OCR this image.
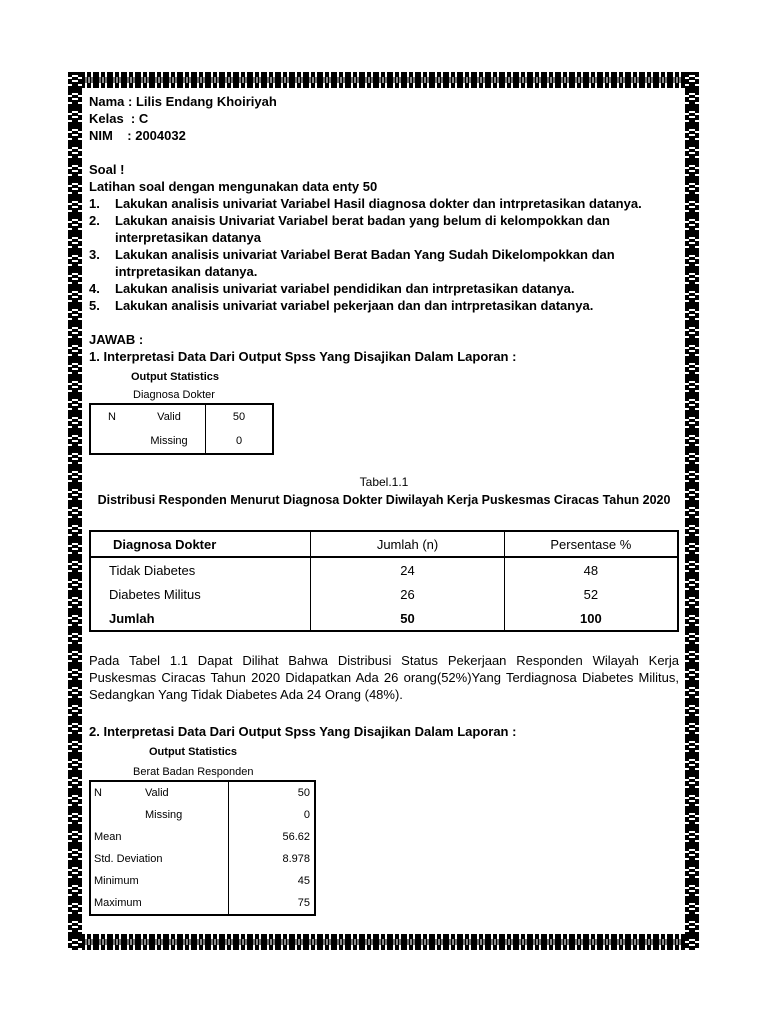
Nama : Lilis Endang Khoiriyah
Kelas  : C
NIM    : 2004032
Soal !
Latihan soal dengan mengunakan data enty 50
1.	Lakukan analisis univariat Variabel Hasil diagnosa dokter dan intrpretasikan datanya.
2.	Lakukan anaisis Univariat Variabel berat badan yang belum di kelompokkan dan interpretasikan datanya
3.	Lakukan analisis univariat Variabel Berat Badan Yang Sudah Dikelompokkan dan intrpretasikan datanya.
4.	Lakukan analisis univariat variabel pendidikan dan intrpretasikan datanya.
5.	Lakukan analisis univariat variabel pekerjaan dan dan intrpretasikan datanya.
JAWAB :
1. Interpretasi Data Dari Output Spss Yang Disajikan Dalam Laporan :
Output Statistics
Diagnosa Dokter
N	Valid	50
	Missing	0
Tabel.1.1
Distribusi Responden Menurut Diagnosa Dokter Diwilayah Kerja Puskesmas Ciracas Tahun 2020
Diagnosa Dokter	Jumlah (n)	Persentase %
Tidak Diabetes	24	48
Diabetes Militus	26	52
Jumlah	50	100
Pada Tabel 1.1 Dapat Dilihat Bahwa Distribusi Status Pekerjaan Responden Wilayah Kerja Puskesmas Ciracas Tahun 2020 Didapatkan Ada 26 orang(52%)Yang Terdiagnosa Diabetes Militus, Sedangkan Yang Tidak Diabetes Ada 24 Orang (48%).
2. Interpretasi Data Dari Output Spss Yang Disajikan Dalam Laporan :
Output Statistics
Berat Badan Responden
N	Valid	50
	Missing	0
Mean		56.62
Std. Deviation		8.978
Minimum		45
Maximum		75
